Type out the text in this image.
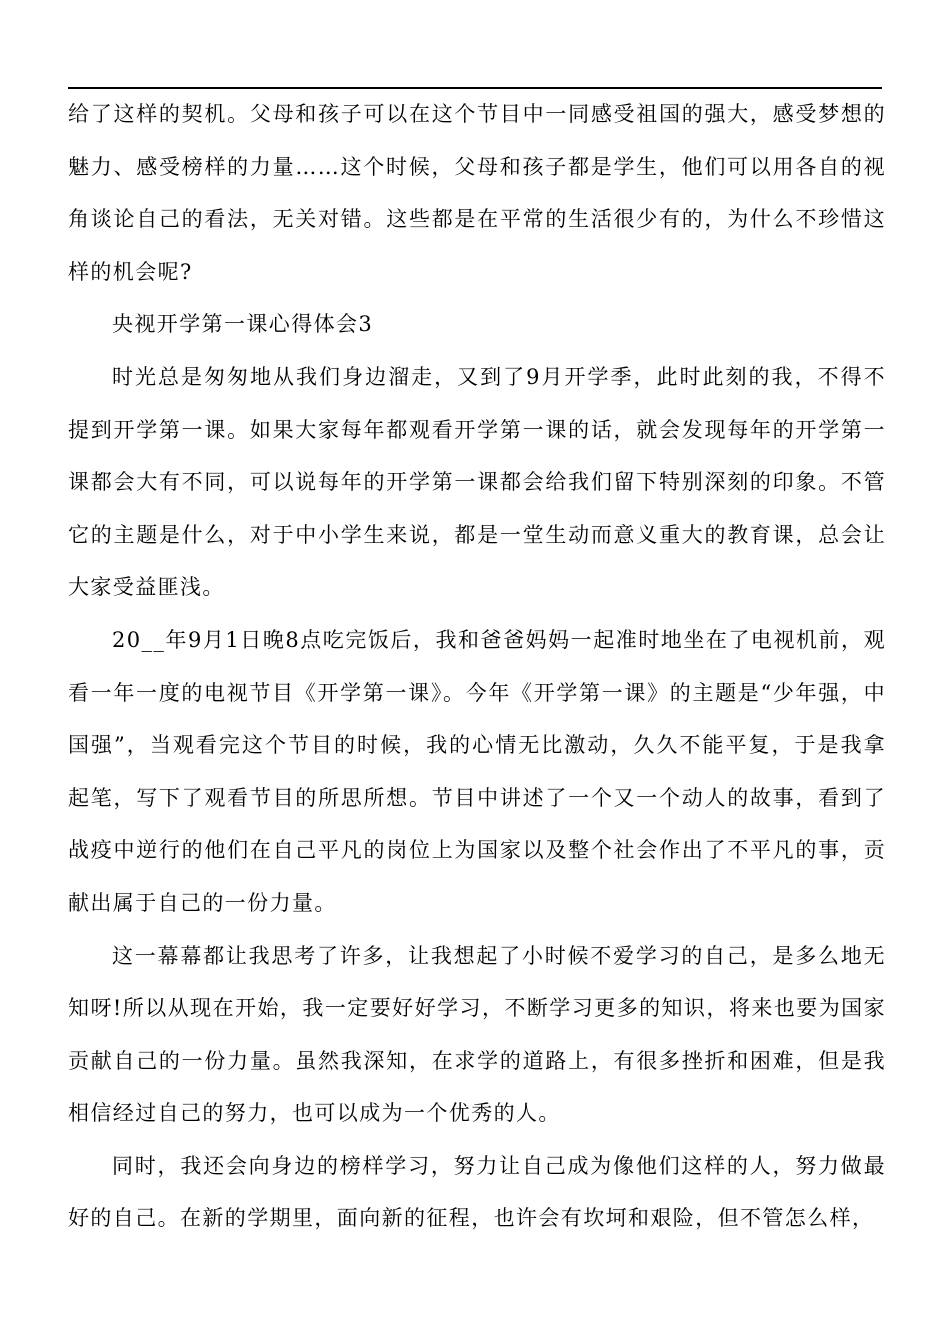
给了这样的契机。父母和孩子可以在这个节目中一同感受祖国的强大，感受梦想的魅力、感受榜样的力量……这个时候，父母和孩子都是学生，他们可以用各自的视角谈论自己的看法，无关对错。这些都是在平常的生活很少有的，为什么不珍惜这样的机会呢?

央视开学第一课心得体会3

时光总是匆匆地从我们身边溜走，又到了9月开学季，此时此刻的我，不得不提到开学第一课。如果大家每年都观看开学第一课的话，就会发现每年的开学第一课都会大有不同，可以说每年的开学第一课都会给我们留下特别深刻的印象。不管它的主题是什么，对于中小学生来说，都是一堂生动而意义重大的教育课，总会让大家受益匪浅。

20__年9月1日晚8点吃完饭后，我和爸爸妈妈一起准时地坐在了电视机前，观看一年一度的电视节目《开学第一课》。今年《开学第一课》的主题是“少年强，中国强”，当观看完这个节目的时候，我的心情无比激动，久久不能平复，于是我拿起笔，写下了观看节目的所思所想。节目中讲述了一个又一个动人的故事，看到了战疫中逆行的他们在自己平凡的岗位上为国家以及整个社会作出了不平凡的事，贡献出属于自己的一份力量。

这一幕幕都让我思考了许多，让我想起了小时候不爱学习的自己，是多么地无知呀!所以从现在开始，我一定要好好学习，不断学习更多的知识，将来也要为国家贡献自己的一份力量。虽然我深知，在求学的道路上，有很多挫折和困难，但是我相信经过自己的努力，也可以成为一个优秀的人。

同时，我还会向身边的榜样学习，努力让自己成为像他们这样的人，努力做最好的自己。在新的学期里，面向新的征程，也许会有坎坷和艰险，但不管怎么样，
